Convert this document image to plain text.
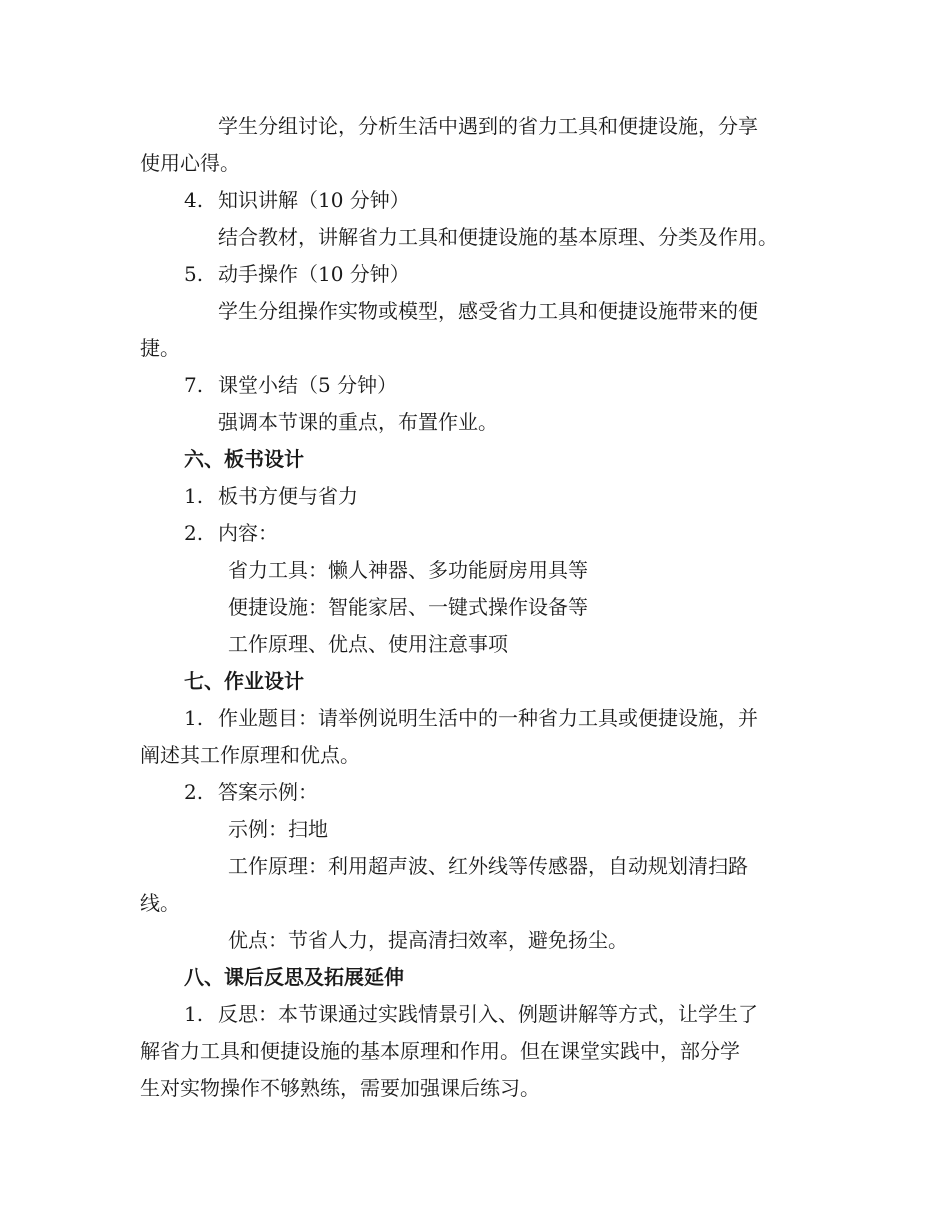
学生分组讨论，分析生活中遇到的省力工具和便捷设施，分享
使用心得。
4. 知识讲解（10 分钟）
结合教材，讲解省力工具和便捷设施的基本原理、分类及作用。
5. 动手操作（10 分钟）
学生分组操作实物或模型，感受省力工具和便捷设施带来的便
捷。
7. 课堂小结（5 分钟）
强调本节课的重点，布置作业。
六、板书设计
1. 板书方便与省力
2. 内容：
省力工具：懒人神器、多功能厨房用具等
便捷设施：智能家居、一键式操作设备等
工作原理、优点、使用注意事项
七、作业设计
1. 作业题目：请举例说明生活中的一种省力工具或便捷设施，并
阐述其工作原理和优点。
2. 答案示例：
示例：扫地
工作原理：利用超声波、红外线等传感器，自动规划清扫路
线。
优点：节省人力，提高清扫效率，避免扬尘。
八、课后反思及拓展延伸
1. 反思：本节课通过实践情景引入、例题讲解等方式，让学生了
解省力工具和便捷设施的基本原理和作用。但在课堂实践中，部分学
生对实物操作不够熟练，需要加强课后练习。
